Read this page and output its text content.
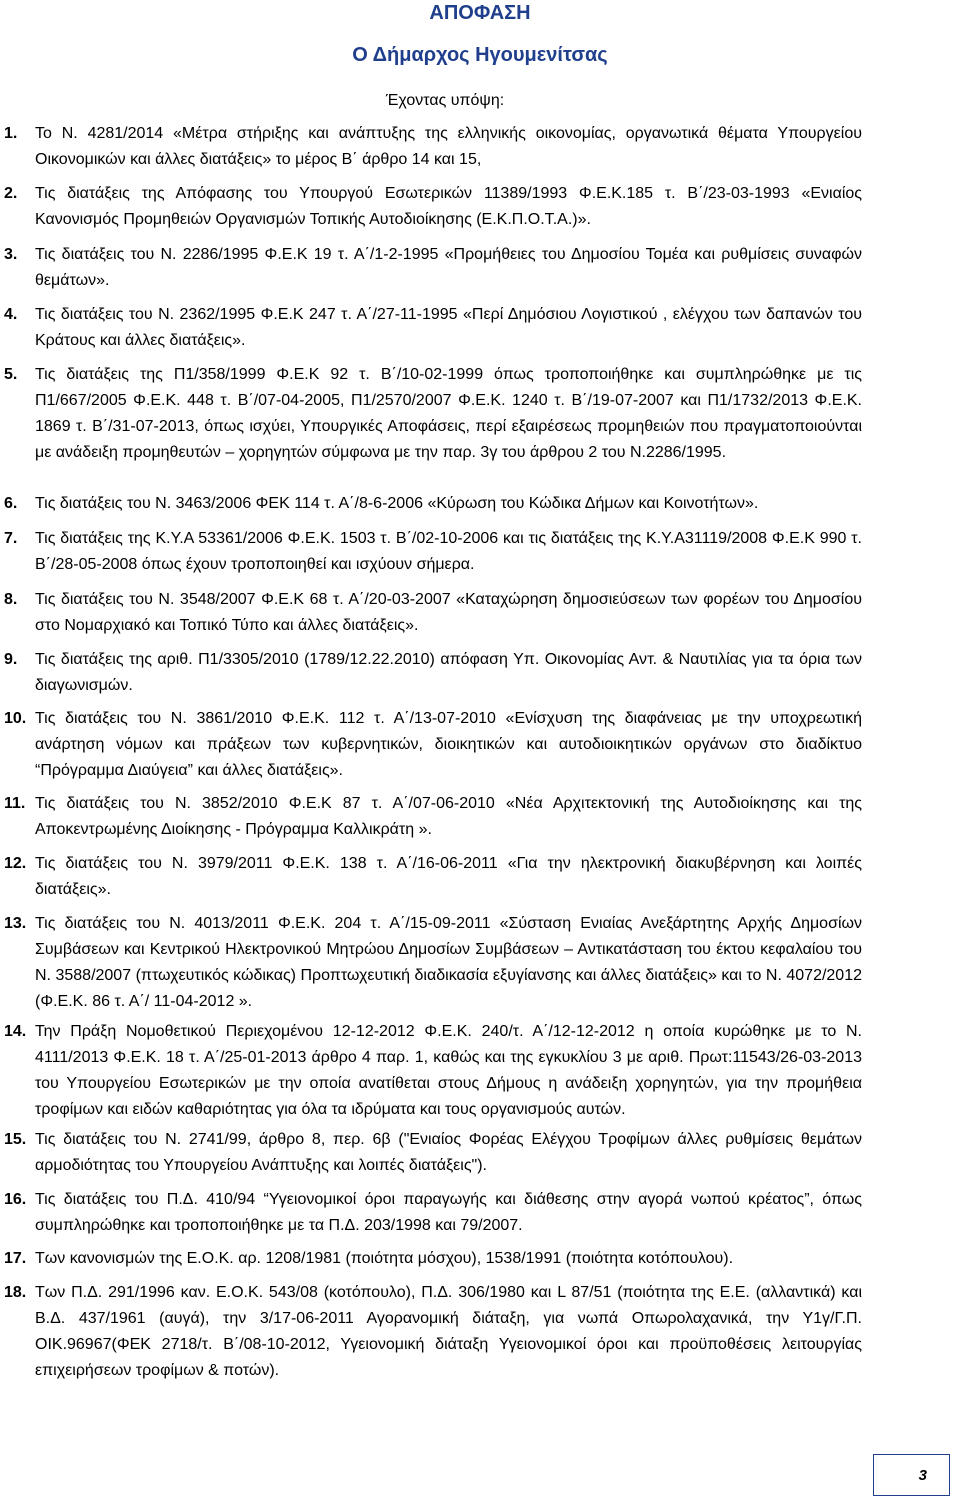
ΑΠΟΦΑΣΗ
Ο Δήμαρχος Ηγουμενίτσας
Έχοντας υπόψη:
1.	Το Ν. 4281/2014 «Μέτρα στήριξης και ανάπτυξης της ελληνικής οικονομίας, οργανωτικά θέματα Υπουργείου Οικονομικών και άλλες διατάξεις» το μέρος Β΄ άρθρο 14 και 15,
2.	Τις διατάξεις της Απόφασης του Υπουργού Εσωτερικών 11389/1993 Φ.Ε.Κ.185 τ. Β΄/23-03-1993 «Ενιαίος Κανονισμός Προμηθειών Οργανισμών Τοπικής Αυτοδιοίκησης (Ε.Κ.Π.Ο.Τ.Α.)».
3.	Τις διατάξεις του Ν. 2286/1995 Φ.Ε.Κ 19 τ. Α΄/1-2-1995 «Προμήθειες του Δημοσίου Τομέα και ρυθμίσεις συναφών θεμάτων».
4.	Τις διατάξεις του Ν. 2362/1995 Φ.Ε.Κ 247 τ. Α΄/27-11-1995 «Περί Δημόσιου Λογιστικού , ελέγχου των δαπανών του Κράτους και άλλες διατάξεις».
5.	Τις διατάξεις της Π1/358/1999 Φ.Ε.Κ 92 τ. Β΄/10-02-1999 όπως τροποποιήθηκε και συμπληρώθηκε με τις Π1/667/2005 Φ.Ε.Κ. 448 τ. Β΄/07-04-2005, Π1/2570/2007 Φ.Ε.Κ. 1240 τ. Β΄/19-07-2007 και Π1/1732/2013 Φ.Ε.Κ. 1869 τ. Β΄/31-07-2013, όπως ισχύει, Υπουργικές Αποφάσεις, περί εξαιρέσεως προμηθειών που πραγματοποιούνται με ανάδειξη προμηθευτών – χορηγητών σύμφωνα με την παρ. 3γ του άρθρου 2 του Ν.2286/1995.
6.	Τις διατάξεις του Ν. 3463/2006 ΦΕΚ 114 τ. Α΄/8-6-2006 «Κύρωση του Κώδικα Δήμων και Κοινοτήτων».
7.	Τις διατάξεις της Κ.Υ.Α 53361/2006 Φ.Ε.Κ. 1503 τ. Β΄/02-10-2006 και τις διατάξεις της Κ.Υ.Α31119/2008 Φ.Ε.Κ 990 τ. Β΄/28-05-2008 όπως έχουν τροποποιηθεί και ισχύουν σήμερα.
8.	Τις διατάξεις του Ν. 3548/2007 Φ.Ε.Κ 68 τ. Α΄/20-03-2007 «Καταχώρηση δημοσιεύσεων των φορέων του Δημοσίου στο Νομαρχιακό και Τοπικό Τύπο και άλλες διατάξεις».
9.	Τις διατάξεις της αριθ. Π1/3305/2010 (1789/12.22.2010) απόφαση Υπ. Οικονομίας Ανт. & Ναυτιλίας για τα όρια των διαγωνισμών.
10. Τις διατάξεις του Ν. 3861/2010 Φ.Ε.Κ. 112 τ. Α΄/13-07-2010 «Ενίσχυση της διαφάνειας με την υποχρεωτική ανάρτηση νόμων και πράξεων των κυβερνητικών, διοικητικών και αυτοδιοικητικών οργάνων στο διαδίκτυο “Πρόγραμμα Διαύγεια” και άλλες διατάξεις».
11. Τις διατάξεις του Ν. 3852/2010 Φ.Ε.Κ 87 τ. Α΄/07-06-2010 «Νέα Αρχιτεκτονική της Αυτοδιοίκησης και της Αποκεντρωμένης Διοίκησης - Πρόγραμμα Καλλικράτη ».
12. Τις διατάξεις του Ν. 3979/2011 Φ.Ε.Κ. 138 τ. Α΄/16-06-2011 «Για την ηλεκτρονική διακυβέρνηση και λοιπές διατάξεις».
13. Τις διατάξεις του Ν. 4013/2011 Φ.Ε.Κ. 204 τ. Α΄/15-09-2011 «Σύσταση Ενιαίας Ανεξάρτητης Αρχής Δημοσίων Συμβάσεων και Κεντρικού Ηλεκτρονικού Μητρώου Δημοσίων Συμβάσεων – Αντικατάσταση του έκτου κεφαλαίου του Ν. 3588/2007 (πτωχευτικός κώδικας) Προπτωχευτική διαδικασία εξυγίανσης και άλλες διατάξεις» και το Ν. 4072/2012 (Φ.Ε.Κ. 86 τ. Α΄/ 11-04-2012 ».
14. Την Πράξη Νομοθετικού Περιεχομένου 12-12-2012 Φ.Ε.Κ. 240/τ. Α΄/12-12-2012 η οποία κυρώθηκε με το Ν. 4111/2013 Φ.Ε.Κ. 18 τ. Α΄/25-01-2013 άρθρο 4 παρ. 1, καθώς και της εγκυκλίου 3 με αριθ. Πρωτ:11543/26-03-2013 του Υπουργείου Εσωτερικών με την οποία ανατίθεται στους Δήμους η ανάδειξη χορηγητών, για την προμήθεια τροφίμων και ειδών καθαριότητας για όλα τα ιδρύματα και τους οργανισμούς αυτών.
15. Τις διατάξεις του Ν. 2741/99, άρθρο 8, περ. 6β ("Ενιαίος Φορέας Ελέγχου Τροφίμων άλλες ρυθμίσεις θεμάτων αρμοδιότητας του Υπουργείου Ανάπτυξης και λοιπές διατάξεις").
16. Τις διατάξεις του Π.Δ. 410/94 “Υγειονομικοί όροι παραγωγής και διάθεσης στην αγορά νωπού κρέατος”, όπως συμπληρώθηκε και τροποποιήθηκε με τα Π.Δ. 203/1998 και 79/2007.
17. Των κανονισμών της Ε.Ο.Κ. αρ. 1208/1981 (ποιότητα μόσχου), 1538/1991 (ποιότητα κοτόπουλου).
18. Των Π.Δ. 291/1996 καν. Ε.Ο.Κ. 543/08 (κοτόπουλο), Π.Δ. 306/1980 και L 87/51 (ποιότητα της Ε.Ε. (αλλαντικά) και Β.Δ. 437/1961 (αυγά), την 3/17-06-2011 Αγορανομική διάταξη, για νωπά Οπωρολαχανικά, την Υ1γ/Γ.Π. ΟΙΚ.96967(ΦΕΚ 2718/τ. Β΄/08-10-2012, Υγειονομική διάταξη Υγειονομικοί όροι και προϋποθέσεις λειτουργίας επιχειρήσεων τροφίμων & ποτών).
3
